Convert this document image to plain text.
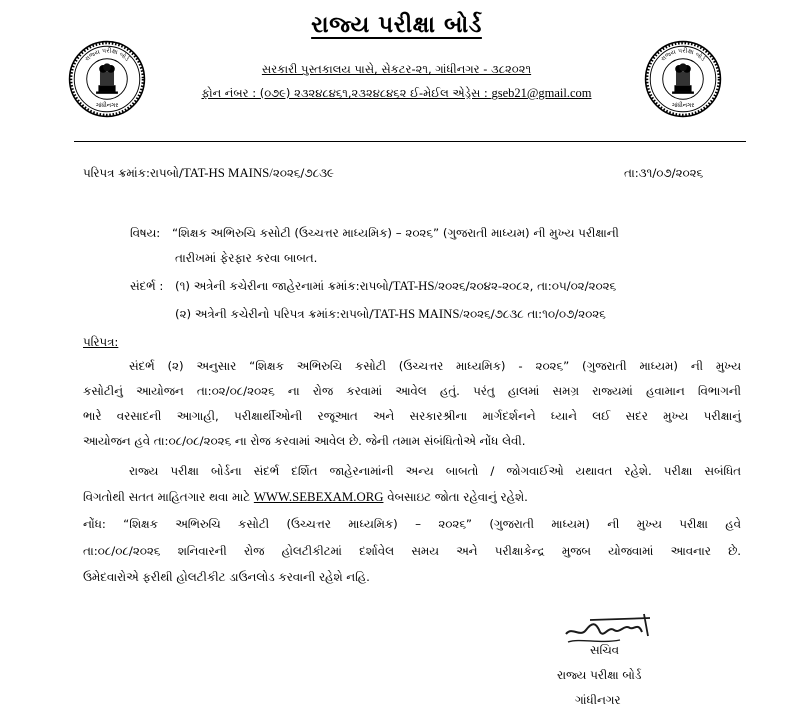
રાજ્ય પરીક્ષા બોર્ડ
ગાંધીનગર
રાજ્ય પરીક્ષા બોર્ડ
ગાંધીનગર
રાજ્ય પરીક્ષા બોર્ડ
સરકારી પુસ્તકાલય પાસે, સેકટર-૨૧, ગાંધીનગર - ૩૮૨૦૨૧
ફોન નંબર : (૦૭૯) ૨૩૨૪૮૪૬૧,૨૩૨૪૮૪૬૨ ઈ-મેઈલ એડ્રેસ : gseb21@gmail.com
પરિપત્ર ક્રમાંક:રાપબો/TAT-HS MAINS/૨૦૨૬/૭૮૩૯	તા:૩૧/૦૭/૨૦૨૬
વિષય: “શિક્ષક અભિરુચિ કસોટી (ઉચ્ચત્તર માધ્યમિક) – ૨૦૨૬” (ગુજરાતી માધ્યમ) ની મુખ્ય પરીક્ષાની
તારીખમાં ફેરફાર કરવા બાબત.
સંદર્ભ : (૧) અત્રેની કચેરીના જાહેરનામાં ક્રમાંક:રાપબો/TAT-HS/૨૦૨૬/૨૦૪૨-૨૦૮૨, તા:૦૫/૦૨/૨૦૨૬
(૨) અત્રેની કચેરીનો પરિપત્ર ક્રમાંક:રાપબો/TAT-HS MAINS/૨૦૨૬/૭૮૩૮ તા:૧૦/૦૭/૨૦૨૬
પરિપત્ર:
સંદર્ભ (૨) અનુસાર “શિક્ષક અભિરુચિ કસોટી (ઉચ્ચત્તર માધ્યમિક) - ૨૦૨૬” (ગુજરાતી માધ્યમ) ની મુખ્ય
કસોટીનું આયોજન તા:૦૨/૦૮/૨૦૨૬ ના રોજ કરવામાં આવેલ હતું. પરંતુ હાલમાં સમગ્ર રાજ્યમાં હવામાન વિભાગની
ભારે વરસાદની આગાહી, પરીક્ષાર્થીઓની રજૂઆત અને સરકારશ્રીના માર્ગદર્શનને ધ્યાને લઈ સદર મુખ્ય પરીક્ષાનું
આયોજન હવે તા:૦૮/૦૮/૨૦૨૬ ના રોજ કરવામાં આવેલ છે. જેની તમામ સંબંધિતોએ નોંધ લેવી.
રાજ્ય પરીક્ષા બોર્ડના સંદર્ભ દર્શિત જાહેરનામાંની અન્ય બાબતો / જોગવાઈઓ યથાવત રહેશે. પરીક્ષા સબંધિત
વિગતોથી સતત માહિતગાર થવા માટે WWW.SEBEXAM.ORG વેબસાઇટ જોતા રહેવાનું રહેશે.
નોંધ: “શિક્ષક અભિરુચિ કસોટી (ઉચ્ચત્તર માધ્યમિક) – ૨૦૨૬” (ગુજરાતી માધ્યમ) ની મુખ્ય પરીક્ષા હવે
તા:૦૮/૦૮/૨૦૨૬ શનિવારની રોજ હોલટીકીટમાં દર્શાવેલ સમય અને પરીક્ષાકેન્દ્ર મુજબ યોજવામાં આવનાર છે.
ઉમેદવારોએ ફરીથી હોલટીકીટ ડાઉનલોડ કરવાની રહેશે નહિ.
સચિવ
રાજ્ય પરીક્ષા બોર્ડ
ગાંધીનગર
